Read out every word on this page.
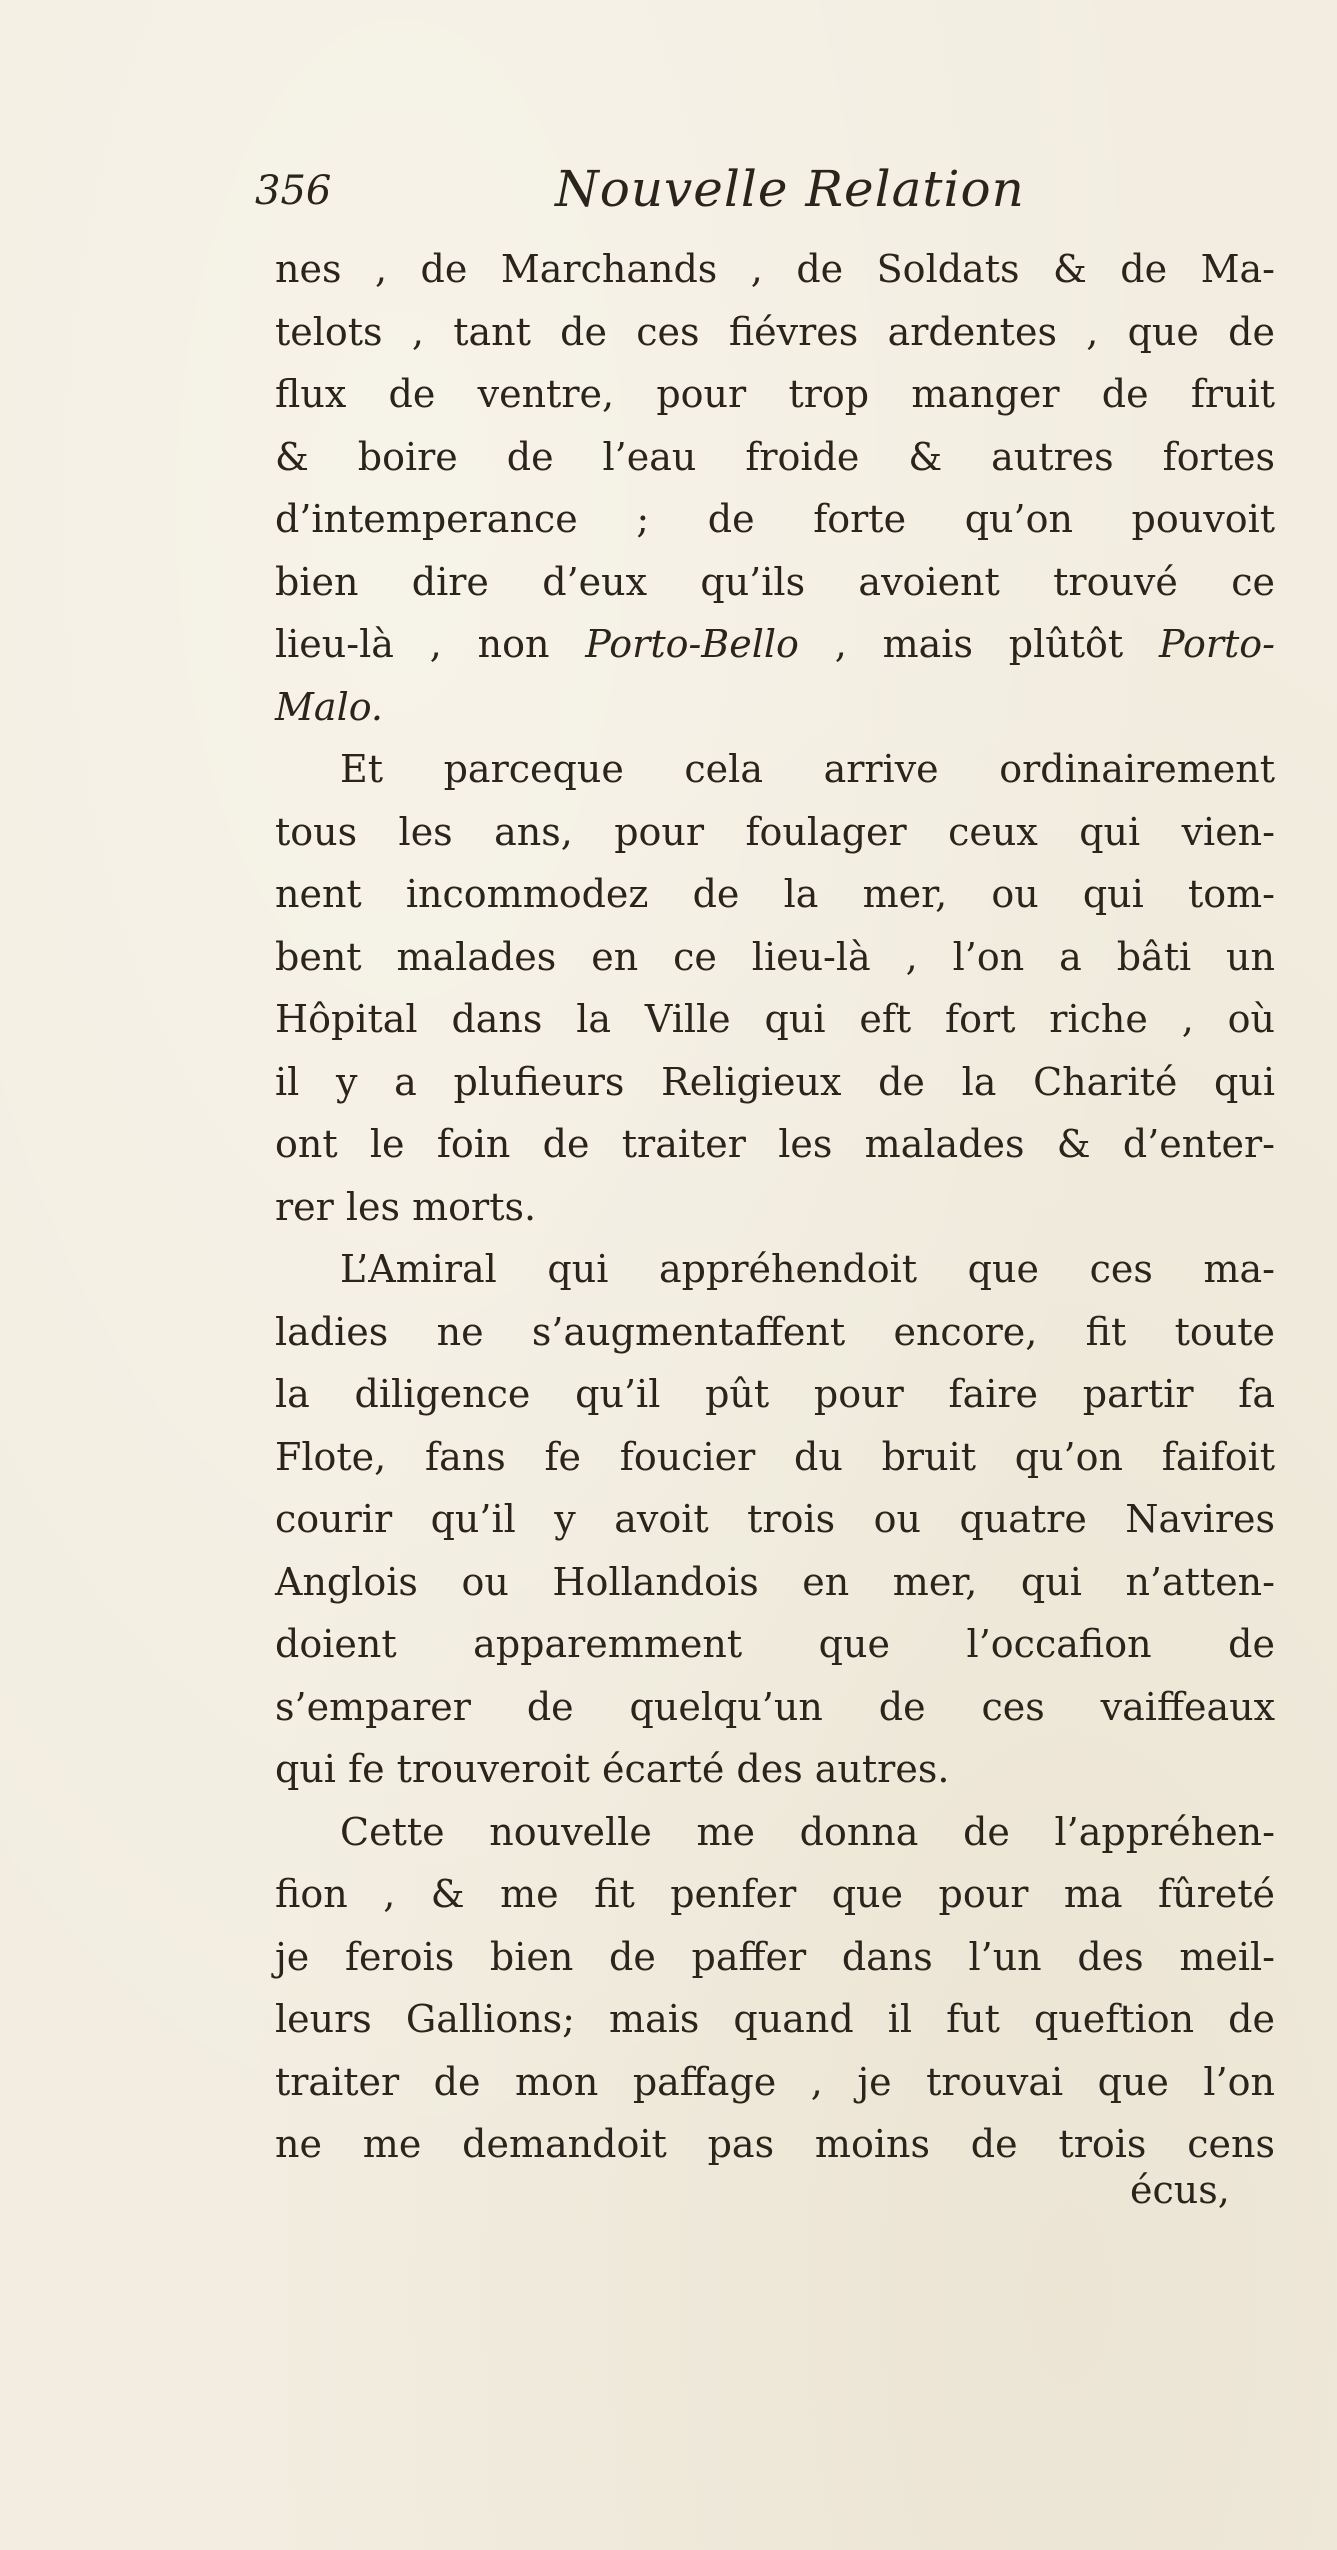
356	Nouvelle Relation
nes , de Marchands , de Soldats & de Ma-
telots , tant de ces fiévres ardentes , que de
flux de ventre, pour trop manger de fruit
& boire de l’eau froide & autres fortes
d’intemperance ; de forte qu’on pouvoit
bien dire d’eux qu’ils avoient trouvé ce
lieu-là , non Porto-Bello , mais plûtôt Porto-
Malo.
Et parceque cela arrive ordinairement
tous les ans, pour foulager ceux qui vien-
nent incommodez de la mer, ou qui tom-
bent malades en ce lieu-là , l’on a bâti un
Hôpital dans la Ville qui eft fort riche , où
il y a plufieurs Religieux de la Charité qui
ont le foin de traiter les malades & d’enter-
rer les morts.
L’Amiral qui appréhendoit que ces ma-
ladies ne s’augmentaffent encore, fit toute
la diligence qu’il pût pour faire partir fa
Flote, fans fe foucier du bruit qu’on faifoit
courir qu’il y avoit trois ou quatre Navires
Anglois ou Hollandois en mer, qui n’atten-
doient apparemment que l’occafion de
s’emparer de quelqu’un de ces vaiffeaux
qui fe trouveroit écarté des autres.
Cette nouvelle me donna de l’appréhen-
fion , & me fit penfer que pour ma fûreté
je ferois bien de paffer dans l’un des meil-
leurs Gallions; mais quand il fut queftion de
traiter de mon paffage , je trouvai que l’on
ne me demandoit pas moins de trois cens
écus,
